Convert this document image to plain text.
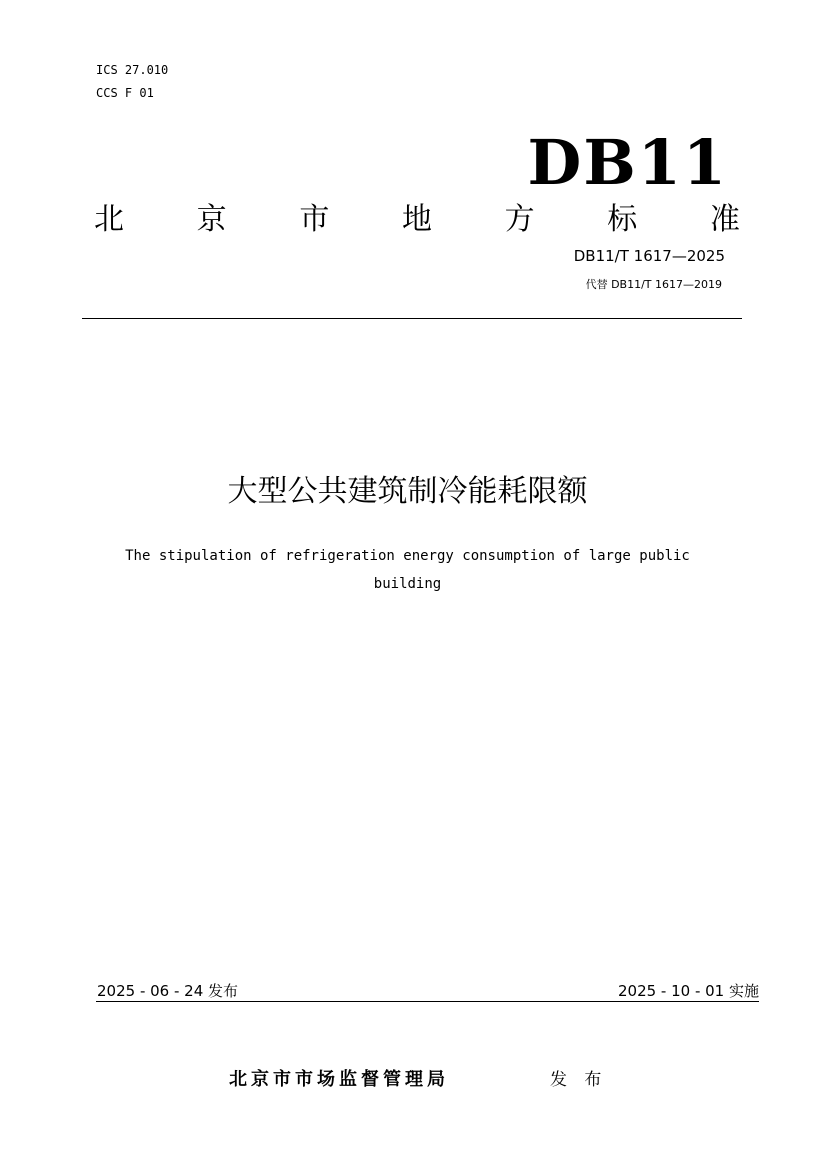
ICS 27.010
CCS F 01
DB11
北 京 市 地 方 标 准
DB11/T 1617—2025
代替 DB11/T 1617—2019
大型公共建筑制冷能耗限额
The stipulation of refrigeration energy consumption of large public building
2025 - 06 - 24 发布	2025 - 10 - 01 实施
北京市市场监督管理局	发 布
